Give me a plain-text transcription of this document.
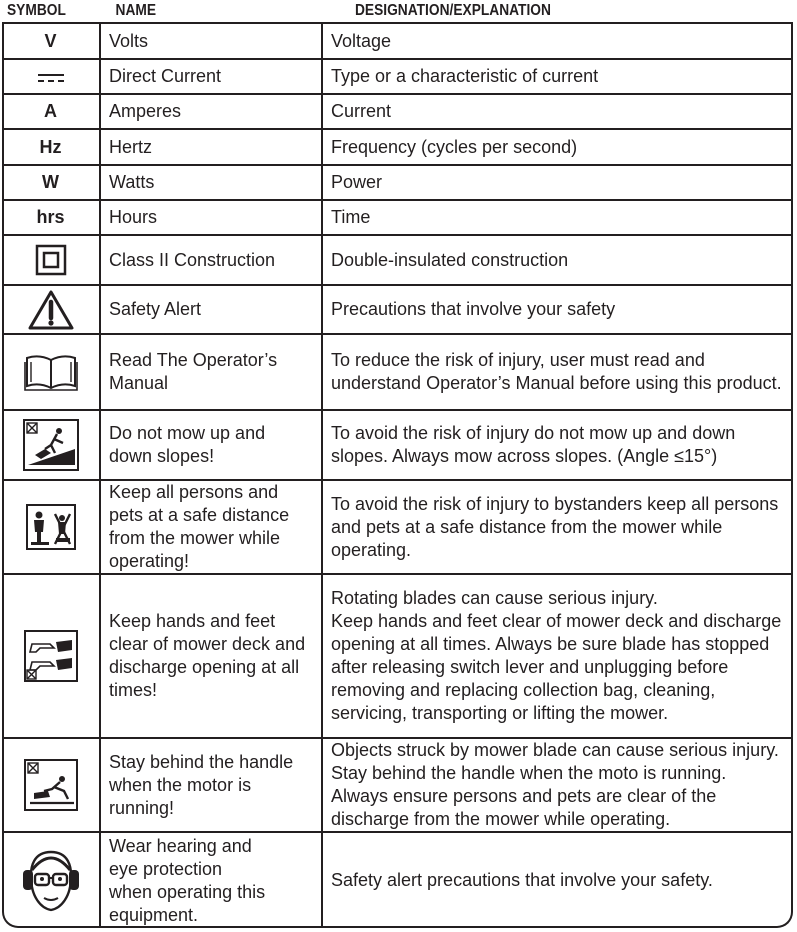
SYMBOL	NAME	DESIGNATION/EXPLANATION
V	Volts	Voltage

	Direct Current	Type or a characteristic of current
A	Amperes	Current
Hz	Hertz	Frequency (cycles per second)
W	Watts	Power
hrs	Hours	Time

	Class II Construction	Double-insulated construction

	Safety Alert	Precautions that involve your safety

	Read The Operator’s Manual	To reduce the risk of injury, user must read and understand Operator’s Manual before using this product.

	Do not mow up and down slopes!	To avoid the risk of injury do not mow up and down slopes. Always mow across slopes. (Angle ≤15°)

	Keep all persons and pets at a safe distance from the mower while operating!	To avoid the risk of injury to bystanders keep all persons and pets at a safe distance from the mower while operating.

	Keep hands and feet clear of mower deck and discharge opening at all times!	Rotating blades can cause serious injury.
Keep hands and feet clear of mower deck and discharge opening at all times. Always be sure blade has stopped after releasing switch lever and unplugging before removing and replacing collection bag, cleaning, servicing, transporting or lifting the mower.

	Stay behind the handle when the motor is running!	Objects struck by mower blade can cause serious injury. Stay behind the handle when the moto is running. Always ensure persons and pets are clear of the discharge from the mower while operating.

	Wear hearing and
eye protection
when operating this
equipment.	Safety alert precautions that involve your safety.
